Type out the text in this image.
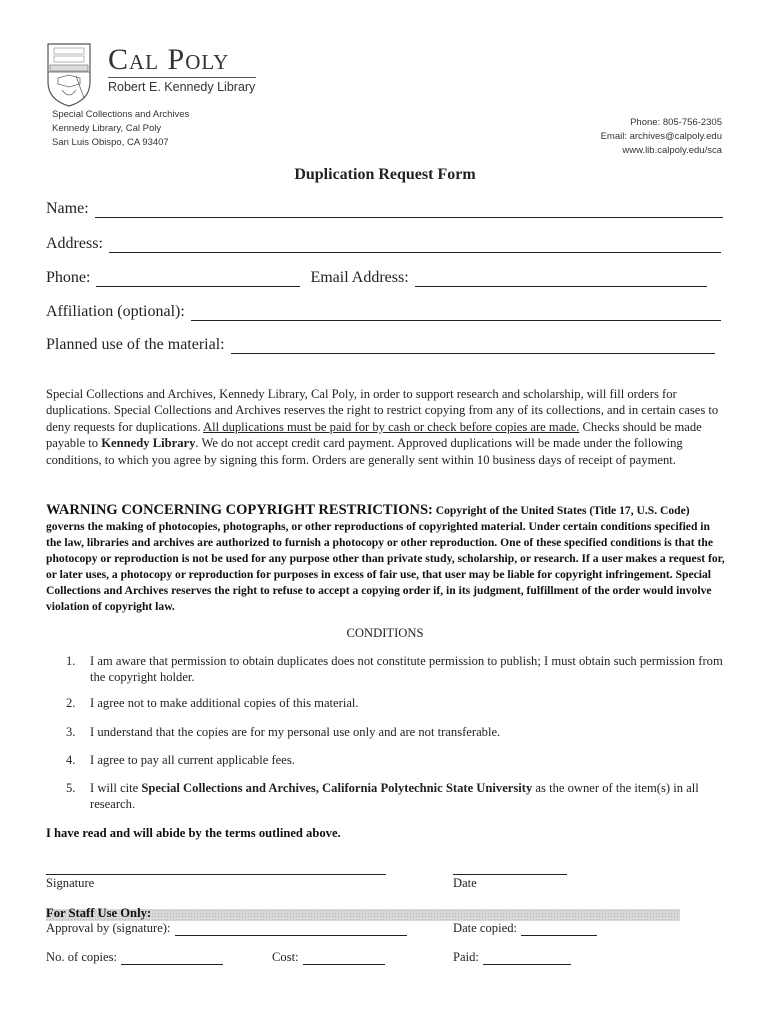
Cal Poly
Robert E. Kennedy Library
Special Collections and Archives
Kennedy Library, Cal Poly
San Luis Obispo, CA 93407
Phone: 805-756-2305
Email: archives@calpoly.edu
www.lib.calpoly.edu/sca
Duplication Request Form
Name:
Address:
Phone:	Email Address:
Affiliation (optional):
Planned use of the material:
Special Collections and Archives, Kennedy Library, Cal Poly, in order to support research and scholarship, will fill orders for duplications. Special Collections and Archives reserves the right to restrict copying from any of its collections, and in certain cases to deny requests for duplications. All duplications must be paid for by cash or check before copies are made. Checks should be made payable to Kennedy Library. We do not accept credit card payment. Approved duplications will be made under the following conditions, to which you agree by signing this form. Orders are generally sent within 10 business days of receipt of payment.
WARNING CONCERNING COPYRIGHT RESTRICTIONS: Copyright of the United States (Title 17, U.S. Code) governs the making of photocopies, photographs, or other reproductions of copyrighted material. Under certain conditions specified in the law, libraries and archives are authorized to furnish a photocopy or other reproduction. One of these specified conditions is that the photocopy or reproduction is not be used for any purpose other than private study, scholarship, or research. If a user makes a request for, or later uses, a photocopy or reproduction for purposes in excess of fair use, that user may be liable for copyright infringement. Special Collections and Archives reserves the right to refuse to accept a copying order if, in its judgment, fulfillment of the order would involve violation of copyright law.
CONDITIONS
1.	I am aware that permission to obtain duplicates does not constitute permission to publish; I must obtain such permission from the copyright holder.
2.	I agree not to make additional copies of this material.
3.	I understand that the copies are for my personal use only and are not transferable.
4.	I agree to pay all current applicable fees.
5.	I will cite Special Collections and Archives, California Polytechnic State University as the owner of the item(s) in all research.
I have read and will abide by the terms outlined above.
Signature	Date
For Staff Use Only:
Approval by (signature):	Date copied:
No. of copies:	Cost:	Paid:
